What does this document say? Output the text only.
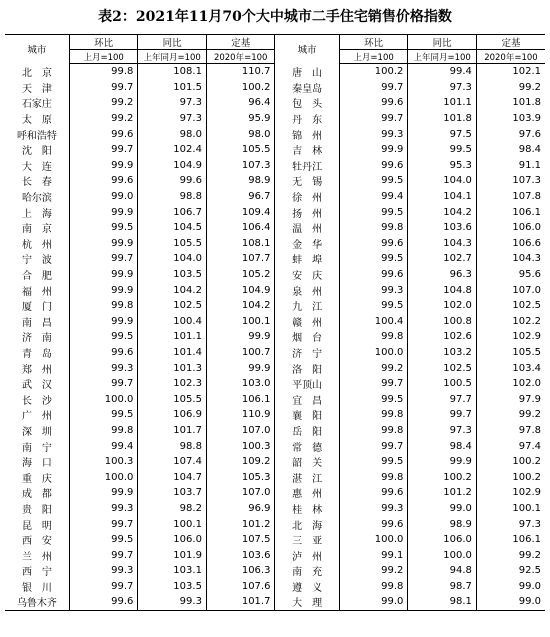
表2：2021年11月70个大中城市二手住宅销售价格指数
城市	环比	同比	定基	城市	环比	同比	定基
	上月=100	上年同月=100	2020年=100		上月=100	上年同月=100	2020年=100
北　京	99.8	108.1	110.7	唐　山	100.2	99.4	102.1
天　津	99.7	101.5	100.2	秦皇岛	99.7	97.3	99.2
石家庄	99.2	97.3	96.4	包　头	99.6	101.1	101.8
太　原	99.2	97.3	95.9	丹　东	99.7	101.8	103.9
呼和浩特	99.6	98.0	98.0	锦　州	99.3	97.5	97.6
沈　阳	99.7	102.4	105.5	吉　林	99.9	99.5	98.4
大　连	99.9	104.9	107.3	牡丹江	99.6	95.3	91.1
长　春	99.6	99.6	98.9	无　锡	99.5	104.0	107.3
哈尔滨	99.0	98.8	96.7	徐　州	99.4	104.1	107.8
上　海	99.9	106.7	109.4	扬　州	99.5	104.2	106.1
南　京	99.5	104.5	106.4	温　州	99.8	103.6	106.0
杭　州	99.9	105.5	108.1	金　华	99.6	104.3	106.6
宁　波	99.7	104.0	107.7	蚌　埠	99.5	102.7	104.3
合　肥	99.9	103.5	105.2	安　庆	99.6	96.3	95.6
福　州	99.9	104.2	104.9	泉　州	99.3	104.8	107.0
厦　门	99.8	102.5	104.2	九　江	99.5	102.0	102.5
南　昌	99.9	100.4	100.1	赣　州	100.4	100.8	102.2
济　南	99.5	101.1	99.9	烟　台	99.8	102.6	102.9
青　岛	99.6	101.4	100.7	济　宁	100.0	103.2	105.5
郑　州	99.3	101.3	99.9	洛　阳	99.2	102.5	103.4
武　汉	99.7	102.3	103.0	平顶山	99.7	100.5	102.0
长　沙	100.0	105.5	106.1	宜　昌	99.5	97.7	97.9
广　州	99.5	106.9	110.9	襄　阳	99.8	99.7	99.2
深　圳	99.8	101.7	107.0	岳　阳	99.8	97.3	97.8
南　宁	99.4	98.8	100.3	常　德	99.7	98.4	97.4
海　口	100.3	107.4	109.2	韶　关	99.5	99.9	100.2
重　庆	100.0	104.7	105.3	湛　江	99.8	100.2	100.2
成　都	99.9	103.7	107.0	惠　州	99.6	101.2	102.9
贵　阳	99.3	98.2	96.9	桂　林	99.3	99.0	100.1
昆　明	99.7	100.1	101.2	北　海	99.6	98.9	97.3
西　安	99.5	106.0	107.5	三　亚	100.0	106.0	106.1
兰　州	99.7	101.9	103.6	泸　州	99.1	100.0	99.2
西　宁	99.3	103.1	106.3	南　充	99.2	94.8	92.5
银　川	99.7	103.5	107.6	遵　义	99.8	98.7	99.0
乌鲁木齐	99.6	99.3	101.7	大　理	99.0	98.1	99.0
